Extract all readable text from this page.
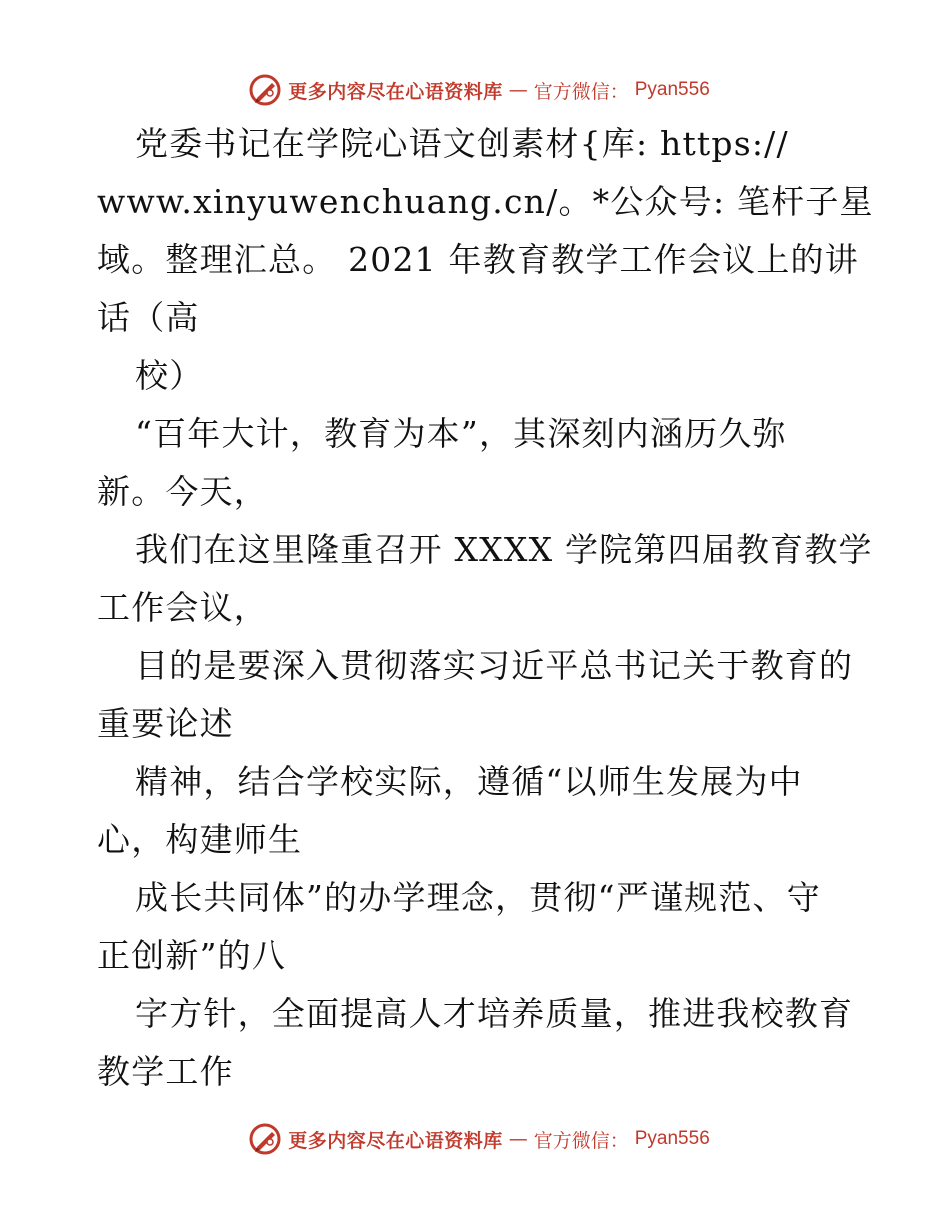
更多内容尽在心语资料库 — 官方微信： Pyan556
党委书记在学院心语文创素材{库: https://
www.xinyuwenchuang.cn/。*公众号: 笔杆子星
域。整理汇总。 2021 年教育教学工作会议上的讲
话（高
校）
“百年大计，教育为本”，其深刻内涵历久弥
新。今天，
我们在这里隆重召开 XXXX 学院第四届教育教学
工作会议，
目的是要深入贯彻落实习近平总书记关于教育的
重要论述
精神，结合学校实际，遵循“以师生发展为中
心，构建师生
成长共同体”的办学理念，贯彻“严谨规范、守
正创新”的八
字方针，全面提高人才培养质量，推进我校教育
教学工作
更多内容尽在心语资料库 — 官方微信： Pyan556
